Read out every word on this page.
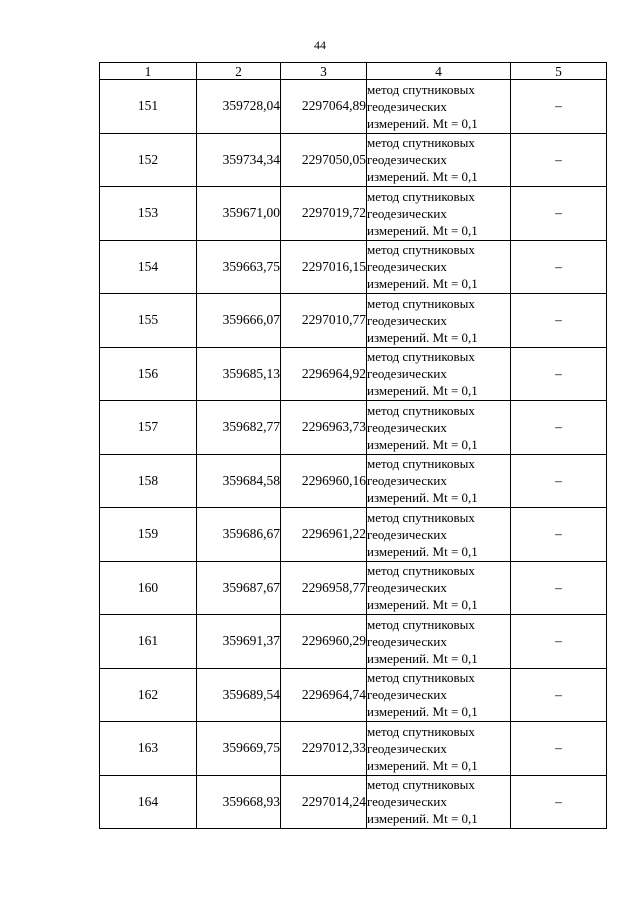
44
1	2	3	4	5
151	359728,04	2297064,89	метод спутниковых
геодезических
измерений. Mt = 0,1	–
152	359734,34	2297050,05	метод спутниковых
геодезических
измерений. Mt = 0,1	–
153	359671,00	2297019,72	метод спутниковых
геодезических
измерений. Mt = 0,1	–
154	359663,75	2297016,15	метод спутниковых
геодезических
измерений. Mt = 0,1	–
155	359666,07	2297010,77	метод спутниковых
геодезических
измерений. Mt = 0,1	–
156	359685,13	2296964,92	метод спутниковых
геодезических
измерений. Mt = 0,1	–
157	359682,77	2296963,73	метод спутниковых
геодезических
измерений. Mt = 0,1	–
158	359684,58	2296960,16	метод спутниковых
геодезических
измерений. Mt = 0,1	–
159	359686,67	2296961,22	метод спутниковых
геодезических
измерений. Mt = 0,1	–
160	359687,67	2296958,77	метод спутниковых
геодезических
измерений. Mt = 0,1	–
161	359691,37	2296960,29	метод спутниковых
геодезических
измерений. Mt = 0,1	–
162	359689,54	2296964,74	метод спутниковых
геодезических
измерений. Mt = 0,1	–
163	359669,75	2297012,33	метод спутниковых
геодезических
измерений. Mt = 0,1	–
164	359668,93	2297014,24	метод спутниковых
геодезических
измерений. Mt = 0,1	–
